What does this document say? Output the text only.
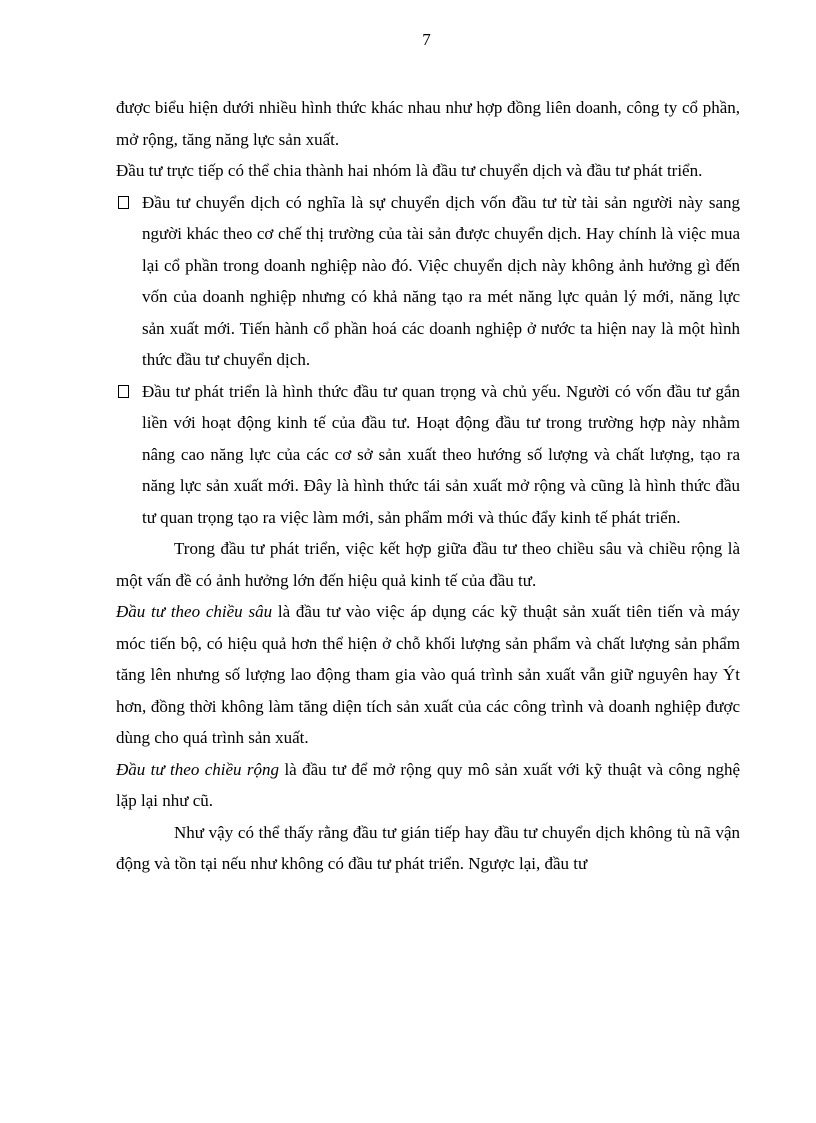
7

được biểu hiện dưới nhiều hình thức khác nhau như hợp đồng liên doanh, công ty cổ phần, mở rộng, tăng năng lực sản xuất.

Đầu tư trực tiếp có thể chia thành hai nhóm là đầu tư chuyển dịch và đầu tư phát triển.

Đầu tư chuyển dịch có nghĩa là sự chuyển dịch vốn đầu tư từ tài sản người này sang người khác theo cơ chế thị trường của tài sản được chuyển dịch. Hay chính là việc mua lại cổ phần trong doanh nghiệp nào đó. Việc chuyển dịch này không ảnh hưởng gì đến vốn của doanh nghiệp nhưng có khả năng tạo ra mét năng lực quản lý mới, năng lực sản xuất mới. Tiến hành cổ phần hoá các doanh nghiệp ở nước ta hiện nay là một hình thức đầu tư chuyển dịch.
Đầu tư phát triển là hình thức đầu tư quan trọng và chủ yếu. Người có vốn đầu tư gắn liền với hoạt động kinh tế của đầu tư. Hoạt động đầu tư trong trường hợp này nhằm nâng cao năng lực của các cơ sở sản xuất theo hướng số lượng và chất lượng, tạo ra năng lực sản xuất mới. Đây là hình thức tái sản xuất mở rộng và cũng là hình thức đầu tư quan trọng tạo ra việc làm mới, sản phẩm mới và thúc đẩy kinh tế phát triển.

Trong đầu tư phát triển, việc kết hợp giữa đầu tư theo chiều sâu và chiều rộng là một vấn đề có ảnh hưởng lớn đến hiệu quả kinh tế của đầu tư.

Đầu tư theo chiều sâu là đầu tư vào việc áp dụng các kỹ thuật sản xuất tiên tiến và máy móc tiến bộ, có hiệu quả hơn thể hiện ở chỗ khối lượng sản phẩm và chất lượng sản phẩm tăng lên nhưng số lượng lao động tham gia vào quá trình sản xuất vẫn giữ nguyên hay Ýt hơn, đồng thời không làm tăng diện tích sản xuất của các công trình và doanh nghiệp được dùng cho quá trình sản xuất.

Đầu tư theo chiều rộng là đầu tư để mở rộng quy mô sản xuất với kỹ thuật và công nghệ lặp lại như cũ.

Như vậy có thể thấy rằng đầu tư gián tiếp hay đầu tư chuyển dịch không tù nã vận động và tồn tại nếu như không có đầu tư phát triển. Ngược lại, đầu tư
